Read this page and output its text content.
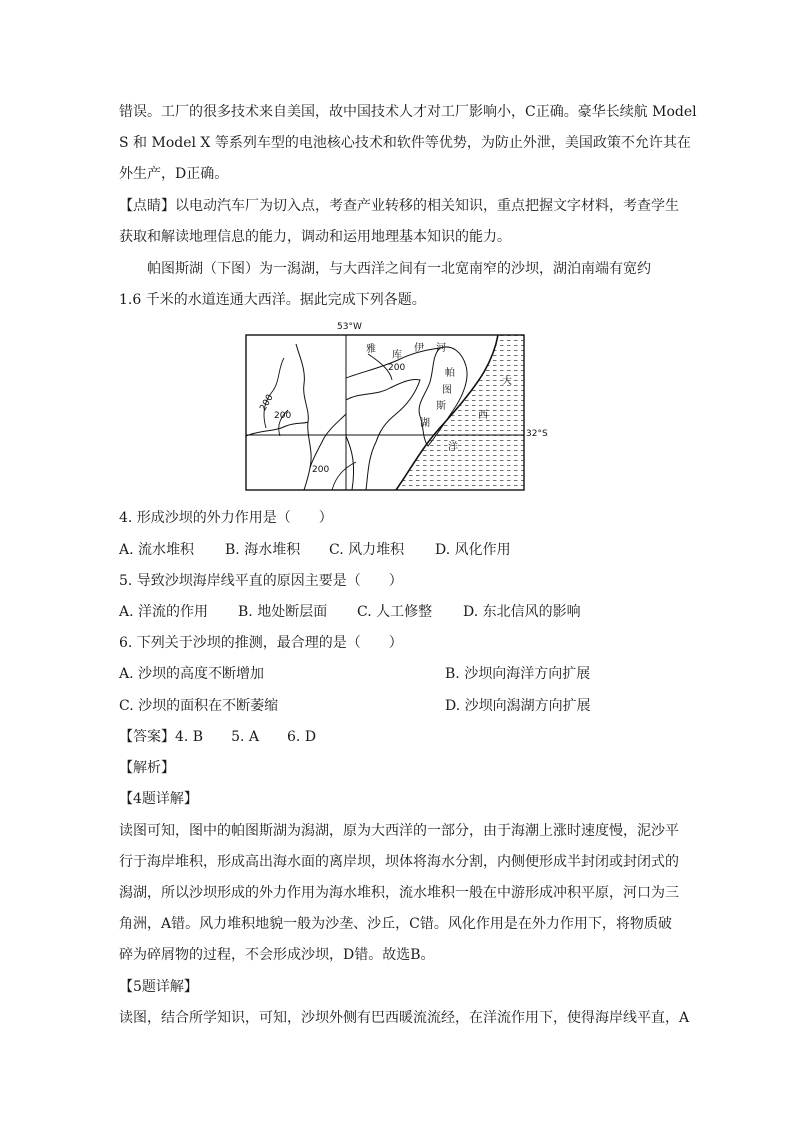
错误。工厂的很多技术来自美国，故中国技术人才对工厂影响小，C正确。豪华长续航 Model
S 和 Model X 等系列车型的电池核心技术和软件等优势，为防止外泄，美国政策不允许其在
外生产，D正确。
【点睛】以电动汽车厂为切入点，考查产业转移的相关知识，重点把握文字材料，考查学生
获取和解读地理信息的能力，调动和运用地理基本知识的能力。
帕图斯湖（下图）为一潟湖，与大西洋之间有一北宽南窄的沙坝，湖泊南端有宽约
1.6 千米的水道连通大西洋。据此完成下列各题。
53°W
200
200
200
200
雅
库
伊 河
帕
图
斯
湖
大
西
洋
32°S
4. 形成沙坝的外力作用是（　　）
A. 流水堆积 B. 海水堆积 C. 风力堆积 D. 风化作用
5. 导致沙坝海岸线平直的原因主要是（　　）
A. 洋流的作用 B. 地处断层面 C. 人工修整 D. 东北信风的影响
6. 下列关于沙坝的推测，最合理的是（　　）
A. 沙坝的高度不断增加	B. 沙坝向海洋方向扩展
C. 沙坝的面积在不断萎缩	D. 沙坝向潟湖方向扩展
【答案】4. B　　5. A　　6. D
【解析】
【4题详解】
读图可知，图中的帕图斯湖为潟湖，原为大西洋的一部分，由于海潮上涨时速度慢，泥沙平
行于海岸堆积，形成高出海水面的离岸坝，坝体将海水分割，内侧便形成半封闭或封闭式的
潟湖，所以沙坝形成的外力作用为海水堆积，流水堆积一般在中游形成冲积平原，河口为三
角洲，A错。风力堆积地貌一般为沙垄、沙丘，C错。风化作用是在外力作用下，将物质破
碎为碎屑物的过程，不会形成沙坝，D错。故选B。
【5题详解】
读图，结合所学知识，可知，沙坝外侧有巴西暖流流经，在洋流作用下，使得海岸线平直，A
